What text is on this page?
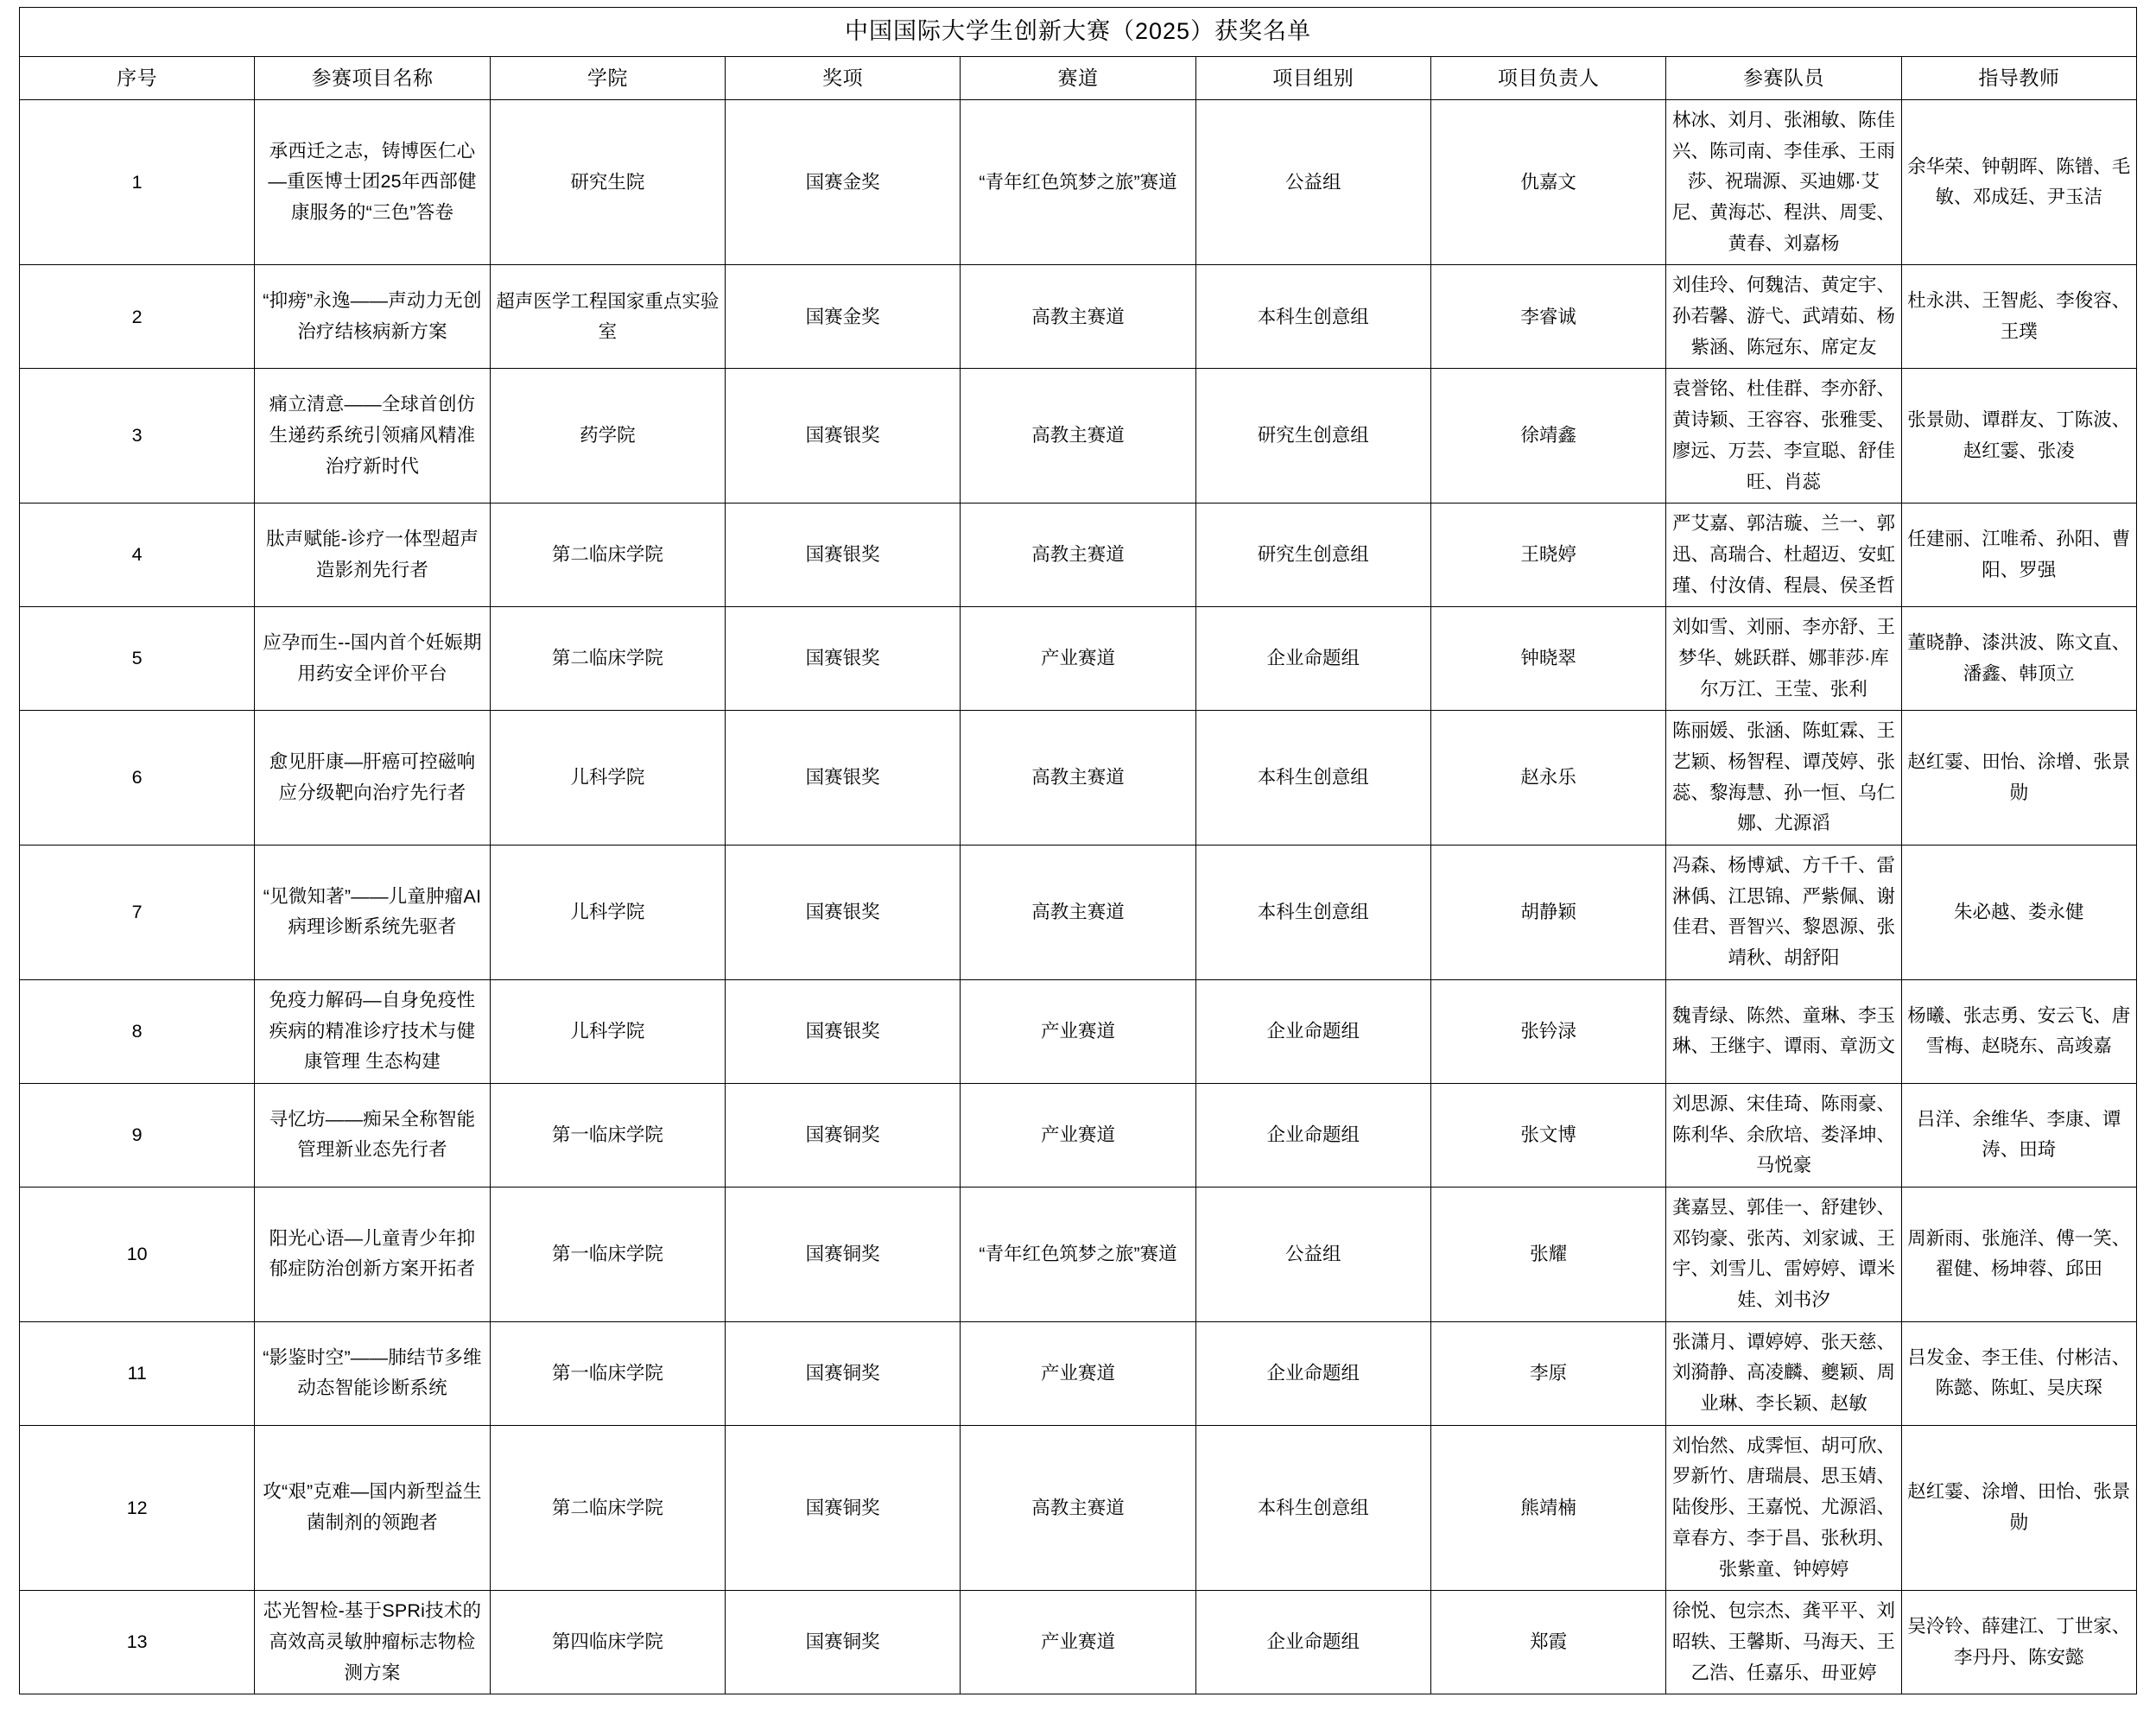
中国国际大学生创新大赛（2025）获奖名单								
序号	参赛项目名称	学院	奖项	赛道	项目组别	项目负责人	参赛队员	指导教师
1	承西迁之志，铸博医仁心—重医博士团25年西部健康服务的“三色”答卷	研究生院	国赛金奖	“青年红色筑梦之旅”赛道	公益组	仇嘉文	林冰、刘月、张湘敏、陈佳兴、陈司南、李佳承、王雨莎、祝瑞源、买迪娜·艾尼、黄海芯、程洪、周雯、黄春、刘嘉杨	余华荣、钟朝晖、陈镨、毛敏、邓成廷、尹玉洁
2	“抑痨”永逸——声动力无创治疗结核病新方案	超声医学工程国家重点实验室	国赛金奖	高教主赛道	本科生创意组	李睿诚	刘佳玲、何魏洁、黄定宇、孙若馨、游弋、武靖茹、杨紫涵、陈冠东、席定友	杜永洪、王智彪、李俊容、王璞
3	痛立清意——全球首创仿生递药系统引领痛风精准治疗新时代	药学院	国赛银奖	高教主赛道	研究生创意组	徐靖鑫	袁誉铭、杜佳群、李亦舒、黄诗颖、王容容、张雅雯、廖远、万芸、李宣聪、舒佳旺、肖蕊	张景勋、谭群友、丁陈波、赵红霎、张凌
4	肽声赋能-诊疗一体型超声造影剂先行者	第二临床学院	国赛银奖	高教主赛道	研究生创意组	王晓婷	严艾嘉、郭洁璇、兰一、郭迅、高瑞合、杜超迈、安虹瑾、付汝倩、程晨、侯圣哲	任建丽、江唯希、孙阳、曹阳、罗强
5	应孕而生--国内首个妊娠期用药安全评价平台	第二临床学院	国赛银奖	产业赛道	企业命题组	钟晓翠	刘如雪、刘丽、李亦舒、王梦华、姚跃群、娜菲莎·库尔万江、王莹、张利	董晓静、漆洪波、陈文直、潘鑫、韩顶立
6	愈见肝康—肝癌可控磁响应分级靶向治疗先行者	儿科学院	国赛银奖	高教主赛道	本科生创意组	赵永乐	陈丽媛、张涵、陈虹霖、王艺颖、杨智程、谭茂婷、张蕊、黎海慧、孙一恒、乌仁娜、尤源滔	赵红霎、田怡、涂增、张景勋
7	“见微知著”——儿童肿瘤AI病理诊断系统先驱者	儿科学院	国赛银奖	高教主赛道	本科生创意组	胡静颖	冯森、杨博斌、方千千、雷淋偊、江思锦、严紫佩、谢佳君、晋智兴、黎恩源、张靖秋、胡舒阳	朱必越、娄永健
8	免疫力解码—自身免疫性疾病的精准诊疗技术与健康管理 生态构建	儿科学院	国赛银奖	产业赛道	企业命题组	张钤渌	魏青绿、陈然、童琳、李玉琳、王继宇、谭雨、章沥文	杨曦、张志勇、安云飞、唐雪梅、赵晓东、高竣嘉
9	寻忆坊——痴呆全称智能管理新业态先行者	第一临床学院	国赛铜奖	产业赛道	企业命题组	张文博	刘思源、宋佳琦、陈雨豪、陈利华、余欣培、娄泽坤、马悦豪	吕洋、余维华、李康、谭涛、田琦
10	阳光心语—儿童青少年抑郁症防治创新方案开拓者	第一临床学院	国赛铜奖	“青年红色筑梦之旅”赛道	公益组	张耀	龚嘉昱、郭佳一、舒建钞、邓钧豪、张芮、刘家诚、王宇、刘雪儿、雷婷婷、谭米娃、刘书汐	周新雨、张施洋、傅一笑、翟健、杨坤蓉、邱田
11	“影鉴时空”——肺结节多维动态智能诊断系统	第一临床学院	国赛铜奖	产业赛道	企业命题组	李原	张潇月、谭婷婷、张天慈、刘漪静、高凌麟、夔颖、周业琳、李长颖、赵敏	吕发金、李王佳、付彬洁、陈懿、陈虹、吴庆琛
12	攻“艰”克难—国内新型益生菌制剂的领跑者	第二临床学院	国赛铜奖	高教主赛道	本科生创意组	熊靖楠	刘怡然、成霁恒、胡可欣、罗新竹、唐瑞晨、思玉婧、陆俊彤、王嘉悦、尤源滔、章春方、李于昌、张秋玥、张紫童、钟婷婷	赵红霎、涂增、田怡、张景勋
13	芯光智检-基于SPRi技术的高效高灵敏肿瘤标志物检测方案	第四临床学院	国赛铜奖	产业赛道	企业命题组	郑霞	徐悦、包宗杰、龚平平、刘昭轶、王馨斯、马海天、王乙浩、任嘉乐、毌亚婷	吴泠铃、薛建江、丁世家、李丹丹、陈安懿
